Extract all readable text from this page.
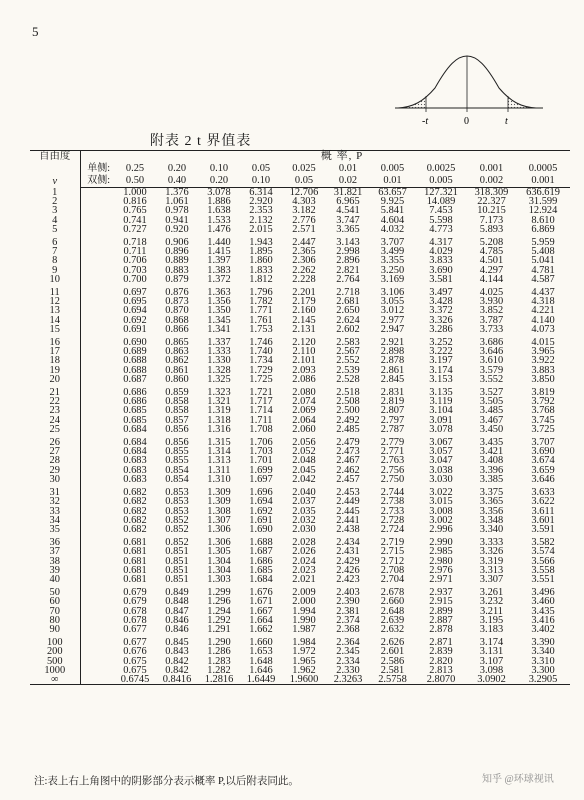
5
-t	0	t
附表 2 t 界值表
自由度		概 率, P									
	单侧:	0.25	0.20	0.10	0.05	0.025	0.01	0.005	0.0025	0.001	0.0005
ν	双侧:	0.50	0.40	0.20	0.10	0.05	0.02	0.01	0.005	0.002	0.001
1		1.000	1.376	3.078	6.314	12.706	31.821	63.657	127.321	318.309	636.619
2		0.816	1.061	1.886	2.920	4.303	6.965	9.925	14.089	22.327	31.599
3		0.765	0.978	1.638	2.353	3.182	4.541	5.841	7.453	10.215	12.924
4		0.741	0.941	1.533	2.132	2.776	3.747	4.604	5.598	7.173	8.610
5		0.727	0.920	1.476	2.015	2.571	3.365	4.032	4.773	5.893	6.869
6		0.718	0.906	1.440	1.943	2.447	3.143	3.707	4.317	5.208	5.959
7		0.711	0.896	1.415	1.895	2.365	2.998	3.499	4.029	4.785	5.408
8		0.706	0.889	1.397	1.860	2.306	2.896	3.355	3.833	4.501	5.041
9		0.703	0.883	1.383	1.833	2.262	2.821	3.250	3.690	4.297	4.781
10		0.700	0.879	1.372	1.812	2.228	2.764	3.169	3.581	4.144	4.587
11		0.697	0.876	1.363	1.796	2.201	2.718	3.106	3.497	4.025	4.437
12		0.695	0.873	1.356	1.782	2.179	2.681	3.055	3.428	3.930	4.318
13		0.694	0.870	1.350	1.771	2.160	2.650	3.012	3.372	3.852	4.221
14		0.692	0.868	1.345	1.761	2.145	2.624	2.977	3.326	3.787	4.140
15		0.691	0.866	1.341	1.753	2.131	2.602	2.947	3.286	3.733	4.073
16		0.690	0.865	1.337	1.746	2.120	2.583	2.921	3.252	3.686	4.015
17		0.689	0.863	1.333	1.740	2.110	2.567	2.898	3.222	3.646	3.965
18		0.688	0.862	1.330	1.734	2.101	2.552	2.878	3.197	3.610	3.922
19		0.688	0.861	1.328	1.729	2.093	2.539	2.861	3.174	3.579	3.883
20		0.687	0.860	1.325	1.725	2.086	2.528	2.845	3.153	3.552	3.850
21		0.686	0.859	1.323	1.721	2.080	2.518	2.831	3.135	3.527	3.819
22		0.686	0.858	1.321	1.717	2.074	2.508	2.819	3.119	3.505	3.792
23		0.685	0.858	1.319	1.714	2.069	2.500	2.807	3.104	3.485	3.768
24		0.685	0.857	1.318	1.711	2.064	2.492	2.797	3.091	3.467	3.745
25		0.684	0.856	1.316	1.708	2.060	2.485	2.787	3.078	3.450	3.725
26		0.684	0.856	1.315	1.706	2.056	2.479	2.779	3.067	3.435	3.707
27		0.684	0.855	1.314	1.703	2.052	2.473	2.771	3.057	3.421	3.690
28		0.683	0.855	1.313	1.701	2.048	2.467	2.763	3.047	3.408	3.674
29		0.683	0.854	1.311	1.699	2.045	2.462	2.756	3.038	3.396	3.659
30		0.683	0.854	1.310	1.697	2.042	2.457	2.750	3.030	3.385	3.646
31		0.682	0.853	1.309	1.696	2.040	2.453	2.744	3.022	3.375	3.633
32		0.682	0.853	1.309	1.694	2.037	2.449	2.738	3.015	3.365	3.622
33		0.682	0.853	1.308	1.692	2.035	2.445	2.733	3.008	3.356	3.611
34		0.682	0.852	1.307	1.691	2.032	2.441	2.728	3.002	3.348	3.601
35		0.682	0.852	1.306	1.690	2.030	2.438	2.724	2.996	3.340	3.591
36		0.681	0.852	1.306	1.688	2.028	2.434	2.719	2.990	3.333	3.582
37		0.681	0.851	1.305	1.687	2.026	2.431	2.715	2.985	3.326	3.574
38		0.681	0.851	1.304	1.686	2.024	2.429	2.712	2.980	3.319	3.566
39		0.681	0.851	1.304	1.685	2.023	2.426	2.708	2.976	3.313	3.558
40		0.681	0.851	1.303	1.684	2.021	2.423	2.704	2.971	3.307	3.551
50		0.679	0.849	1.299	1.676	2.009	2.403	2.678	2.937	3.261	3.496
60		0.679	0.848	1.296	1.671	2.000	2.390	2.660	2.915	3.232	3.460
70		0.678	0.847	1.294	1.667	1.994	2.381	2.648	2.899	3.211	3.435
80		0.678	0.846	1.292	1.664	1.990	2.374	2.639	2.887	3.195	3.416
90		0.677	0.846	1.291	1.662	1.987	2.368	2.632	2.878	3.183	3.402
100		0.677	0.845	1.290	1.660	1.984	2.364	2.626	2.871	3.174	3.390
200		0.676	0.843	1.286	1.653	1.972	2.345	2.601	2.839	3.131	3.340
500		0.675	0.842	1.283	1.648	1.965	2.334	2.586	2.820	3.107	3.310
1000		0.675	0.842	1.282	1.646	1.962	2.330	2.581	2.813	3.098	3.300
∞		0.6745	0.8416	1.2816	1.6449	1.9600	2.3263	2.5758	2.8070	3.0902	3.2905
注:表上右上角图中的阴影部分表示概率 P,以后附表同此。	知乎 @环球视讯
